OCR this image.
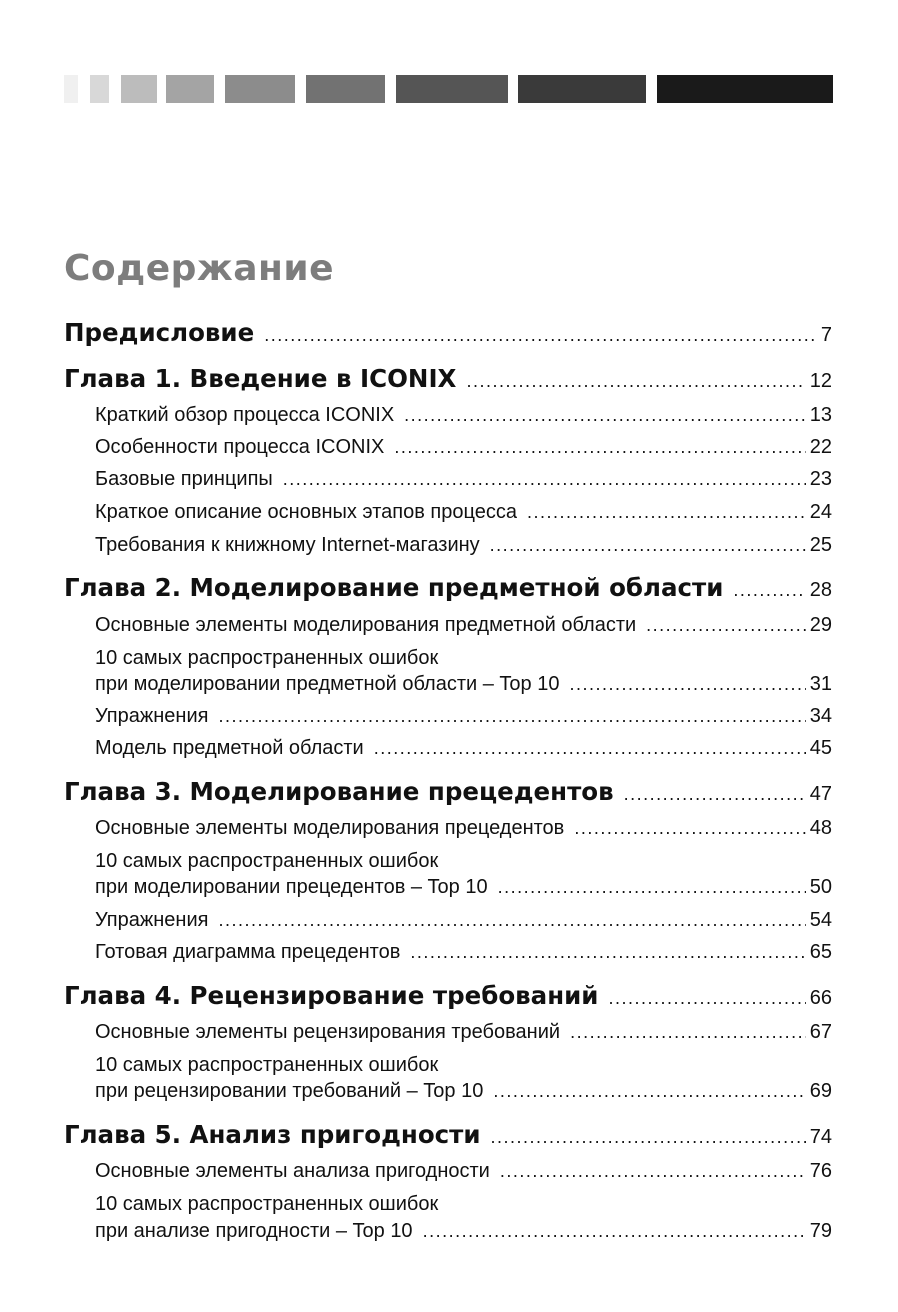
Содержание
Предисловие .....	7
Глава 1. Введение в ICONIX .....	12
Краткий обзор процесса ICONIX .....	13
Особенности процесса ICONIX .....	22
Базовые принципы .....	23
Краткое описание основных этапов процесса .....	24
Требования к книжному Internet-магазину .....	25
Глава 2. Моделирование предметной области .....	28
Основные элементы моделирования предметной области .....	29
10 самых распространенных ошибок
при моделировании предметной области – Top 10 .....	31
Упражнения .....	34
Модель предметной области .....	45
Глава 3. Моделирование прецедентов .....	47
Основные элементы моделирования прецедентов .....	48
10 самых распространенных ошибок
при моделировании прецедентов – Top 10 .....	50
Упражнения .....	54
Готовая диаграмма прецедентов .....	65
Глава 4. Рецензирование требований .....	66
Основные элементы рецензирования требований .....	67
10 самых распространенных ошибок
при рецензировании требований – Top 10 .....	69
Глава 5. Анализ пригодности .....	74
Основные элементы анализа пригодности .....	76
10 самых распространенных ошибок
при анализе пригодности – Top 10 .....	79
